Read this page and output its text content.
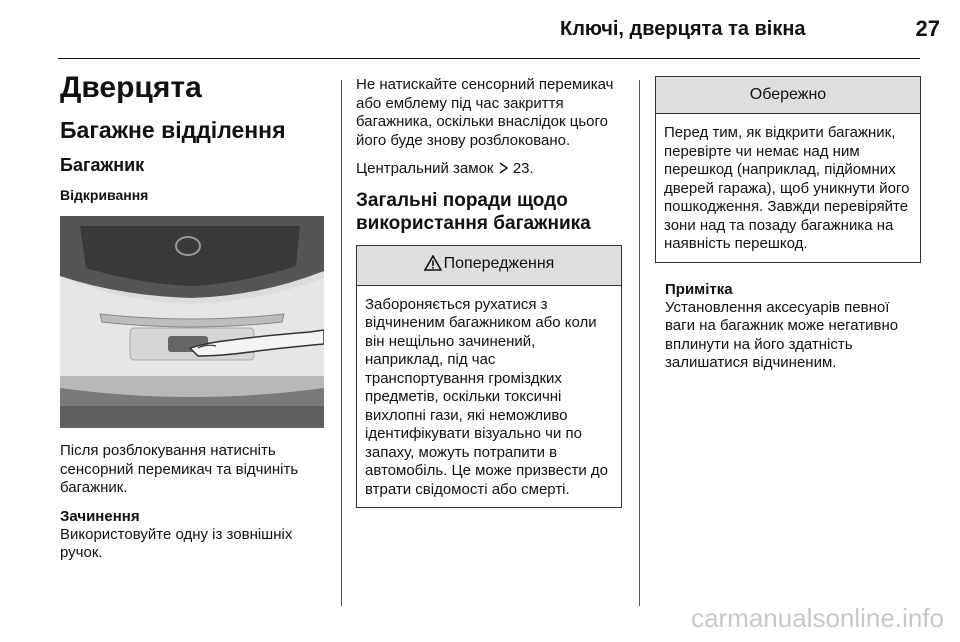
Ключі, дверцята та вікна	27
Дверцята
Багажне відділення
Багажник
Відкривання

Після розблокування натисніть сенсорний перемикач та відчиніть багажник.

Зачинення

Використовуйте одну із зовнішніх ручок.

Не натискайте сенсорний перемикач або емблему під час закриття багажника, оскільки внаслідок цього його буде знову розблоковано.

Центральний замок 23.

Загальні поради щодо використання багажника
Попередження

Забороняється рухатися з відчиненим багажником або коли він нещільно зачинений, наприклад, під час транспортування громіздких предметів, оскільки токсичні вихлопні гази, які неможливо ідентифікувати візуально чи по запаху, можуть потрапити в автомобіль. Це може призвести до втрати свідомості або смерті.

Обережно

Перед тим, як відкрити багажник, перевірте чи немає над ним перешкод (наприклад, підйомних дверей гаража), щоб уникнути його пошкодження. Завжди перевіряйте зони над та позаду багажника на наявність перешкод.

Примітка

Установлення аксесуарів певної ваги на багажник може негативно вплинути на його здатність залишатися відчиненим.

carmanualsonline.info
